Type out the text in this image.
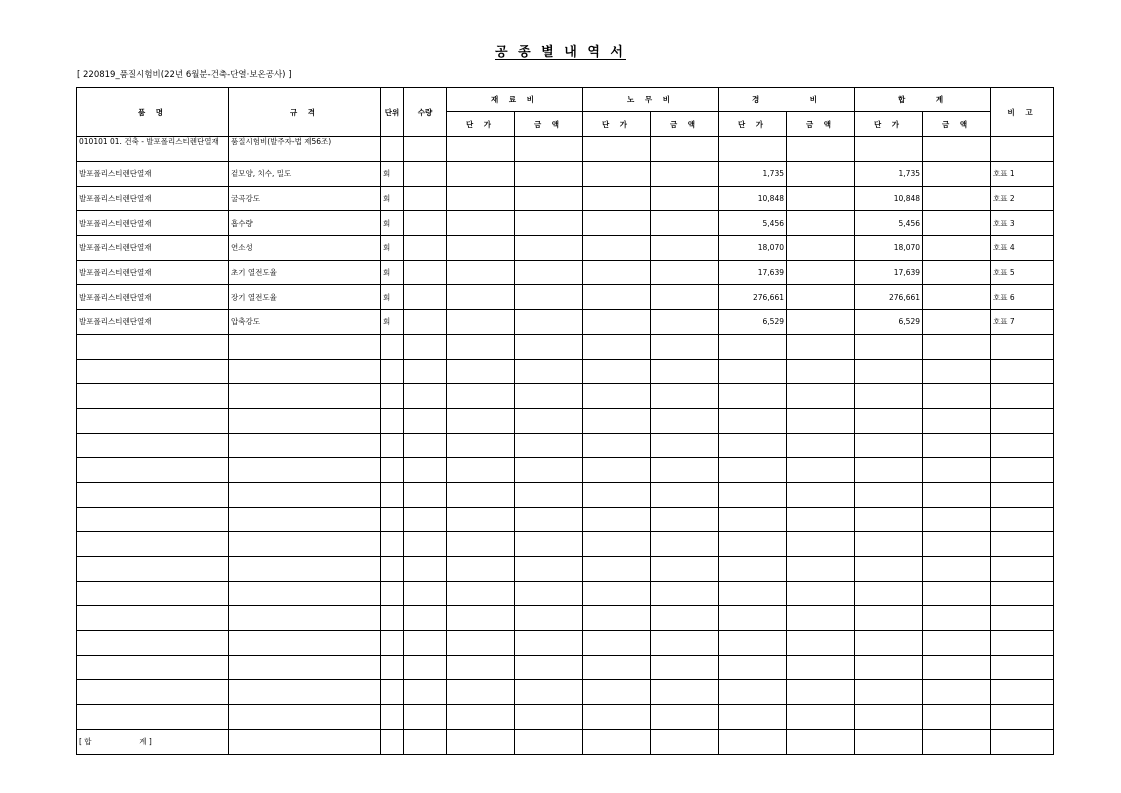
공 종 별 내 역 서
[ 220819_품질시험비(22년 6월분-건축-단열·보온공사) ]
품 명	규 격	단위	수량	재 료 비		노 무 비		경 비		합 계		비 고
				단 가	금 액	단 가	금 액	단 가	금 액	단 가	금 액	
010101 01. 건축 - 발포폴리스티렌단열재	품질시험비(발주자-법 제56조)											
발포폴리스티렌단열재	겉모양, 치수, 밀도	회						1,735		1,735		호표 1
발포폴리스티렌단열재	굴곡강도	회						10,848		10,848		호표 2
발포폴리스티렌단열재	흡수량	회						5,456		5,456		호표 3
발포폴리스티렌단열재	연소성	회						18,070		18,070		호표 4
발포폴리스티렌단열재	초기 열전도율	회						17,639		17,639		호표 5
발포폴리스티렌단열재	장기 열전도율	회						276,661		276,661		호표 6
발포폴리스티렌단열재	압축강도	회						6,529		6,529		호표 7

[ 합                    계 ]												
